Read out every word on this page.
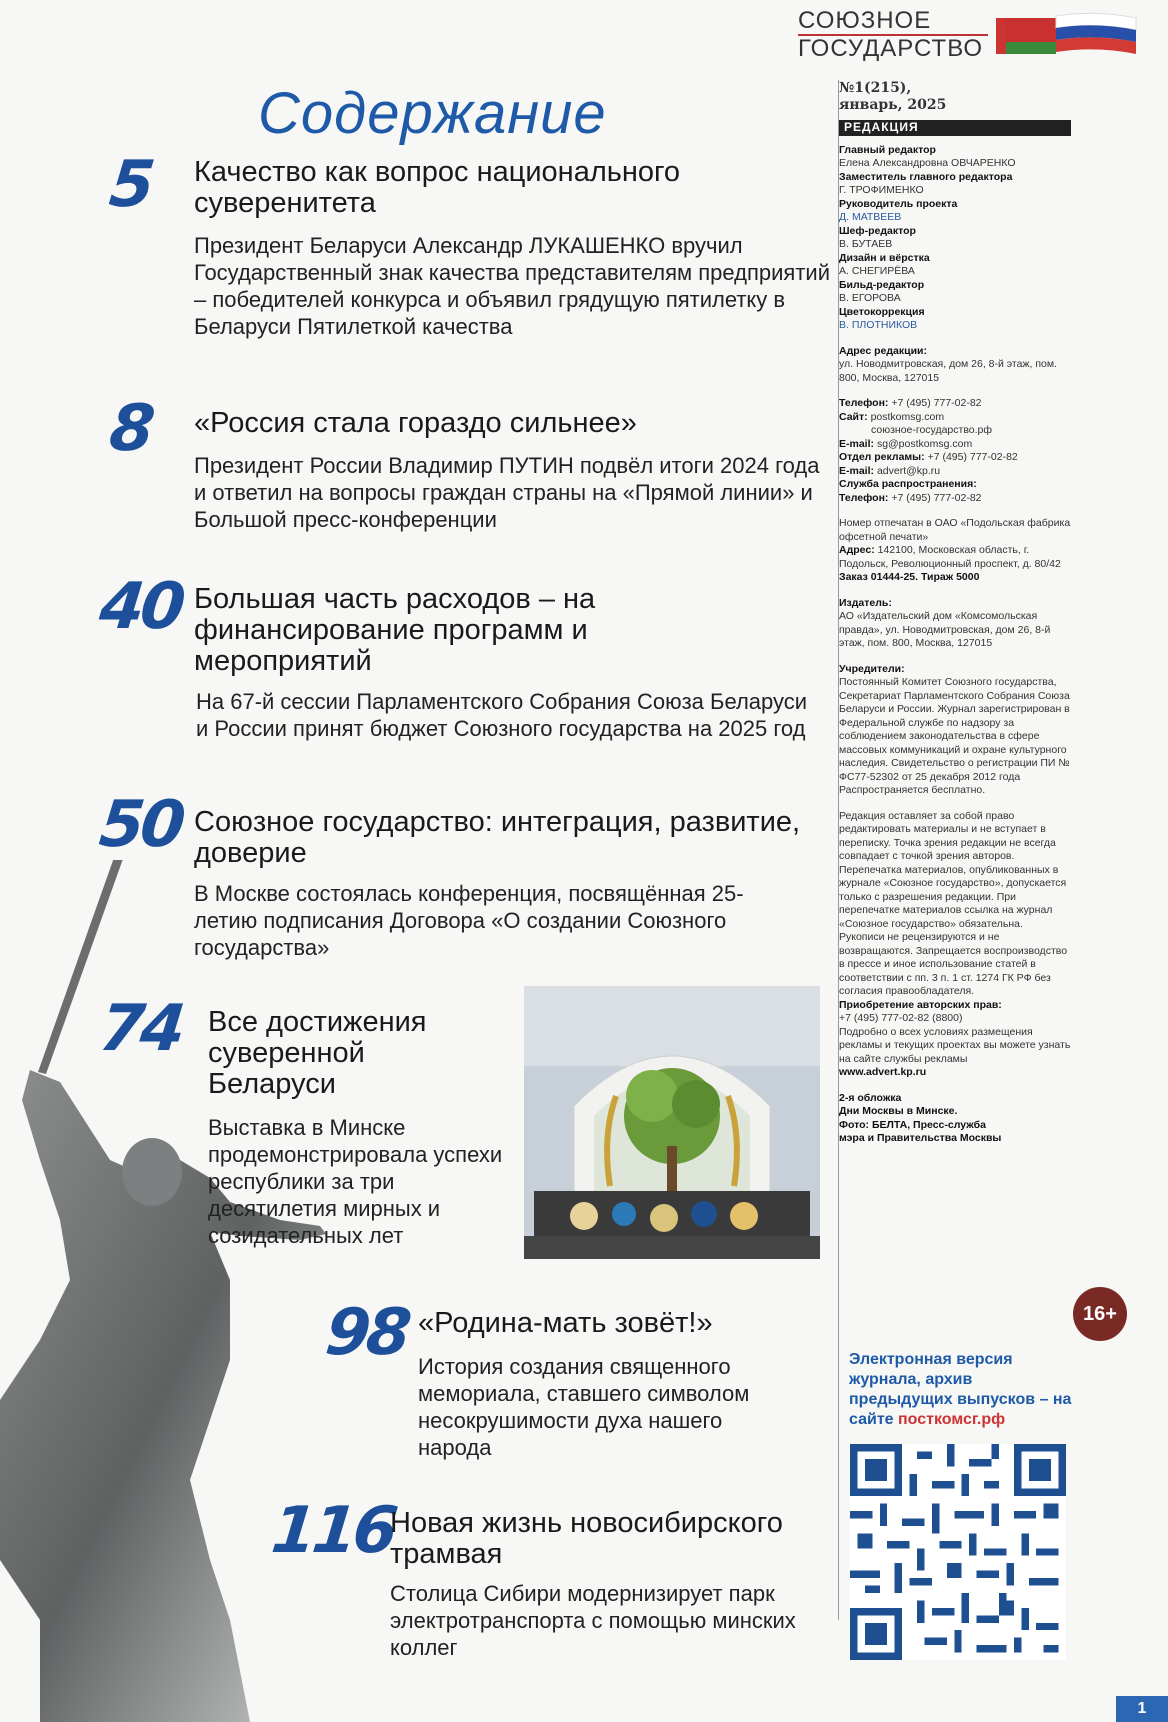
СОЮЗНОЕ
ГОСУДАРСТВО
Содержание
5 Качество как вопрос национального суверенитета
Президент Беларуси Александр ЛУКАШЕНКО вручил Государственный знак качества представителям предприятий – победителей конкурса и объявил грядущую пятилетку в Беларуси Пятилеткой качества
8 «Россия стала гораздо сильнее»
Президент России Владимир ПУТИН подвёл итоги 2024 года и ответил на вопросы граждан страны на «Прямой линии» и Большой пресс-конференции
40 Большая часть расходов – на финансирование программ и мероприятий
На 67-й сессии Парламентского Собрания Союза Беларуси и России принят бюджет Союзного государства на 2025 год
50 Союзное государство: интеграция, развитие, доверие
В Москве состоялась конференция, посвящённая 25-летию подписания Договора «О создании Союзного государства»
74 Все достижения суверенной Беларуси
Выставка в Минске продемонстрировала успехи республики за три десятилетия мирных и созидательных лет
98 «Родина-мать зовёт!»
История создания священного мемориала, ставшего символом несокрушимости духа нашего народа
116
Новая жизнь новосибирского трамвая
Столица Сибири модернизирует парк электротранспорта с помощью минских коллег
№1(215),
январь, 2025
РЕДАКЦИЯ
Главный редактор
Елена Александровна ОВЧАРЕНКО
Заместитель главного редактора
Г. ТРОФИМЕНКО
Руководитель проекта
Д. МАТВЕЕВ
Шеф-редактор
В. БУТАЕВ
Дизайн и вёрстка
А. СНЕГИРЁВА
Бильд-редактор
В. ЕГОРОВА
Цветокоррекция
В. ПЛОТНИКОВ
Адрес редакции:
ул. Новодмитровская, дом 26, 8-й этаж, пом. 800, Москва, 127015
Телефон: +7 (495) 777-02-82
Сайт: postkomsg.com
союзное-государство.рф
E-mail: sg@postkomsg.com
Отдел рекламы: +7 (495) 777-02-82
E-mail: advert@kp.ru
Служба распространения:
Телефон: +7 (495) 777-02-82
Номер отпечатан в ОАО «Подольская фабрика офсетной печати»
Адрес: 142100, Московская область, г. Подольск, Революционный проспект, д. 80/42
Заказ 01444-25. Тираж 5000
Издатель:
АО «Издательский дом «Комсомольская правда», ул. Новодмитровская, дом 26, 8-й этаж, пом. 800, Москва, 127015
Учредители:
Постоянный Комитет Союзного государства, Секретариат Парламентского Собрания Союза Беларуси и России. Журнал зарегистрирован в Федеральной службе по надзору за соблюдением законодательства в сфере массовых коммуникаций и охране культурного наследия. Свидетельство о регистрации ПИ № ФС77-52302 от 25 декабря 2012 года Распространяется бесплатно.
Редакция оставляет за собой право редактировать материалы и не вступает в переписку. Точка зрения редакции не всегда совпадает с точкой зрения авторов. Перепечатка материалов, опубликованных в журнале «Союзное государство», допускается только с разрешения редакции. При перепечатке материалов ссылка на журнал «Союзное государство» обязательна. Рукописи не рецензируются и не возвращаются. Запрещается воспроизводство в прессе и иное использование статей в соответствии с пп. 3 п. 1 ст. 1274 ГК РФ без согласия правообладателя.
Приобретение авторских прав:
+7 (495) 777-02-82 (8800)
Подробно о всех условиях размещения рекламы и текущих проектах вы можете узнать на сайте службы рекламы
www.advert.kp.ru
2-я обложка
Дни Москвы в Минске.
Фото: БЕЛТА, Пресс-служба мэра и Правительства Москвы
16+
Электронная версия журнала, архив предыдущих выпусков – на сайте посткомсг.рф
1
